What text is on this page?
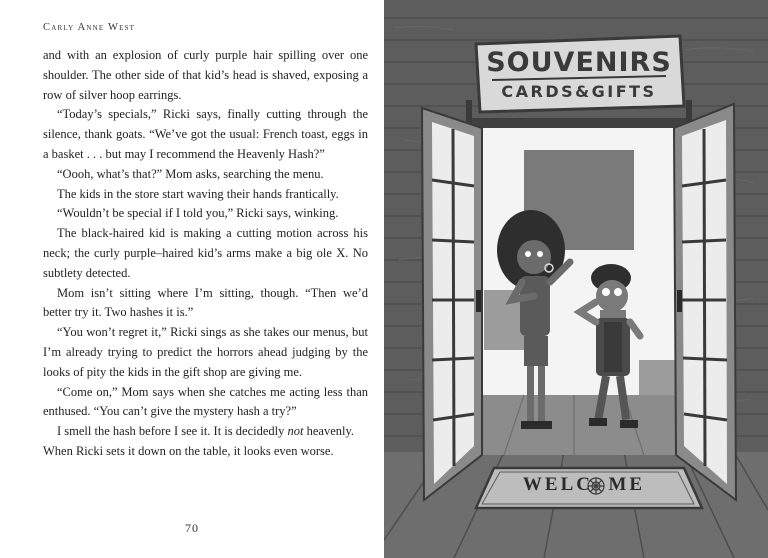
Carly Anne West

and with an explosion of curly purple hair spilling over one shoulder. The other side of that kid’s head is shaved, exposing a row of silver hoop earrings.

“Today’s specials,” Ricki says, finally cutting through the silence, thank goats. “We’ve got the usual: French toast, eggs in a basket . . . but may I recommend the Heavenly Hash?”

“Oooh, what’s that?” Mom asks, searching the menu.

The kids in the store start waving their hands frantically.

“Wouldn’t be special if I told you,” Ricki says, winking.

The black-haired kid is making a cutting motion across his neck; the curly purple–haired kid’s arms make a big ole X. No subtlety detected.

Mom isn’t sitting where I’m sitting, though. “Then we’d better try it. Two hashes it is.”

“You won’t regret it,” Ricki sings as she takes our menus, but I’m already trying to predict the horrors ahead judging by the looks of pity the kids in the gift shop are giving me.

“Come on,” Mom says when she catches me acting less than enthused. “You can’t give the mystery hash a try?”

I smell the hash before I see it. It is decidedly not heavenly.

When Ricki sets it down on the table, it looks even worse.

70
SOUVENIRS
CARDS&GIFTS
WELC  ME
